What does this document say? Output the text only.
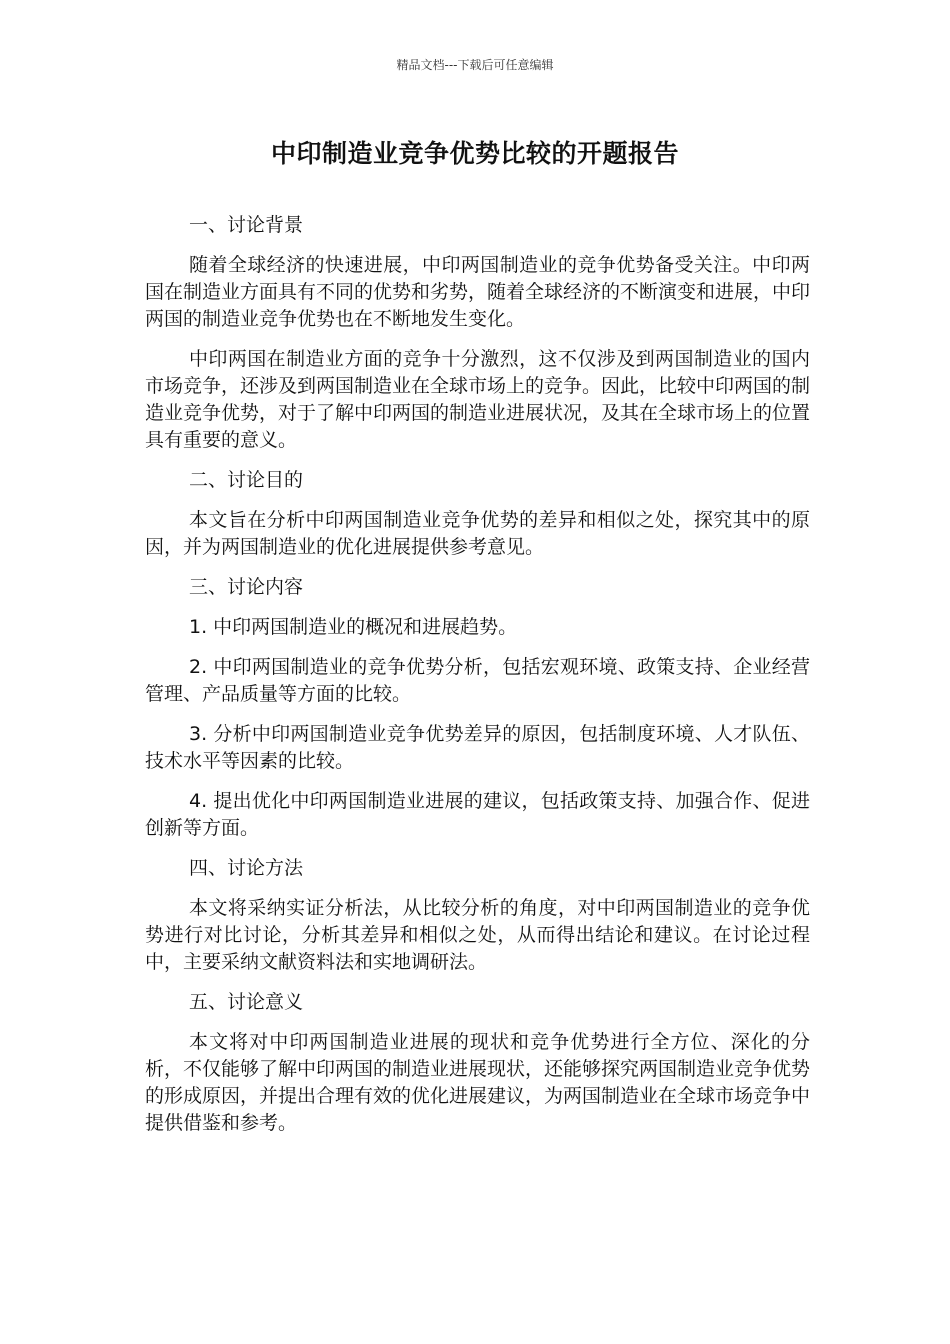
精品文档---下载后可任意编辑
中印制造业竞争优势比较的开题报告

一、讨论背景

随着全球经济的快速进展，中印两国制造业的竞争优势备受关注。中印两国在制造业方面具有不同的优势和劣势，随着全球经济的不断演变和进展，中印两国的制造业竞争优势也在不断地发生变化。

中印两国在制造业方面的竞争十分激烈，这不仅涉及到两国制造业的国内市场竞争，还涉及到两国制造业在全球市场上的竞争。因此，比较中印两国的制造业竞争优势，对于了解中印两国的制造业进展状况，及其在全球市场上的位置具有重要的意义。

二、讨论目的

本文旨在分析中印两国制造业竞争优势的差异和相似之处，探究其中的原因，并为两国制造业的优化进展提供参考意见。

三、讨论内容

1. 中印两国制造业的概况和进展趋势。

2. 中印两国制造业的竞争优势分析，包括宏观环境、政策支持、企业经营管理、产品质量等方面的比较。

3. 分析中印两国制造业竞争优势差异的原因，包括制度环境、人才队伍、技术水平等因素的比较。

4. 提出优化中印两国制造业进展的建议，包括政策支持、加强合作、促进创新等方面。

四、讨论方法

本文将采纳实证分析法，从比较分析的角度，对中印两国制造业的竞争优势进行对比讨论，分析其差异和相似之处，从而得出结论和建议。在讨论过程中，主要采纳文献资料法和实地调研法。

五、讨论意义

本文将对中印两国制造业进展的现状和竞争优势进行全方位、深化的分析，不仅能够了解中印两国的制造业进展现状，还能够探究两国制造业竞争优势的形成原因，并提出合理有效的优化进展建议，为两国制造业在全球市场竞争中提供借鉴和参考。
